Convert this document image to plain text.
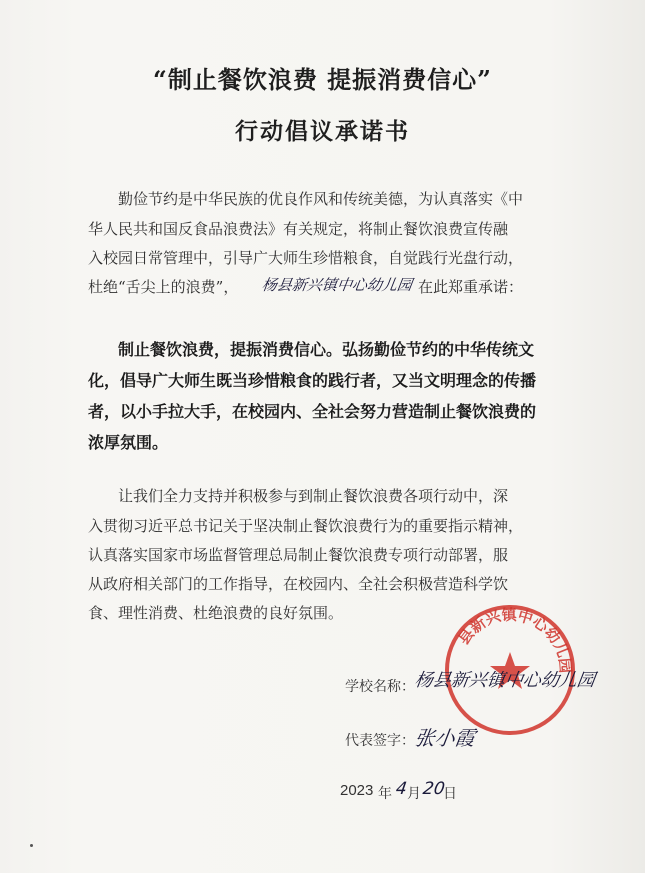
“制止餐饮浪费 提振消费信心”
行动倡议承诺书
勤俭节约是中华民族的优良作风和传统美德，为认真落实《中
华人民共和国反食品浪费法》有关规定，将制止餐饮浪费宣传融
入校园日常管理中，引导广大师生珍惜粮食，自觉践行光盘行动，
杜绝“舌尖上的浪费”， 杨县新兴镇中心幼儿园 在此郑重承诺：
制止餐饮浪费，提振消费信心。弘扬勤俭节约的中华传统文
化，倡导广大师生既当珍惜粮食的践行者，又当文明理念的传播
者，以小手拉大手，在校园内、全社会努力营造制止餐饮浪费的
浓厚氛围。
让我们全力支持并积极参与到制止餐饮浪费各项行动中，深
入贯彻习近平总书记关于坚决制止餐饮浪费行为的重要指示精神，
认真落实国家市场监督管理总局制止餐饮浪费专项行动部署，服
从政府相关部门的工作指导，在校园内、全社会积极营造科学饮
食、理性消费、杜绝浪费的良好氛围。
县新兴镇中心幼儿园
学校名称：
杨县新兴镇中心幼儿园
代表签字：
张小霞
2023 年 4
月 20
日
